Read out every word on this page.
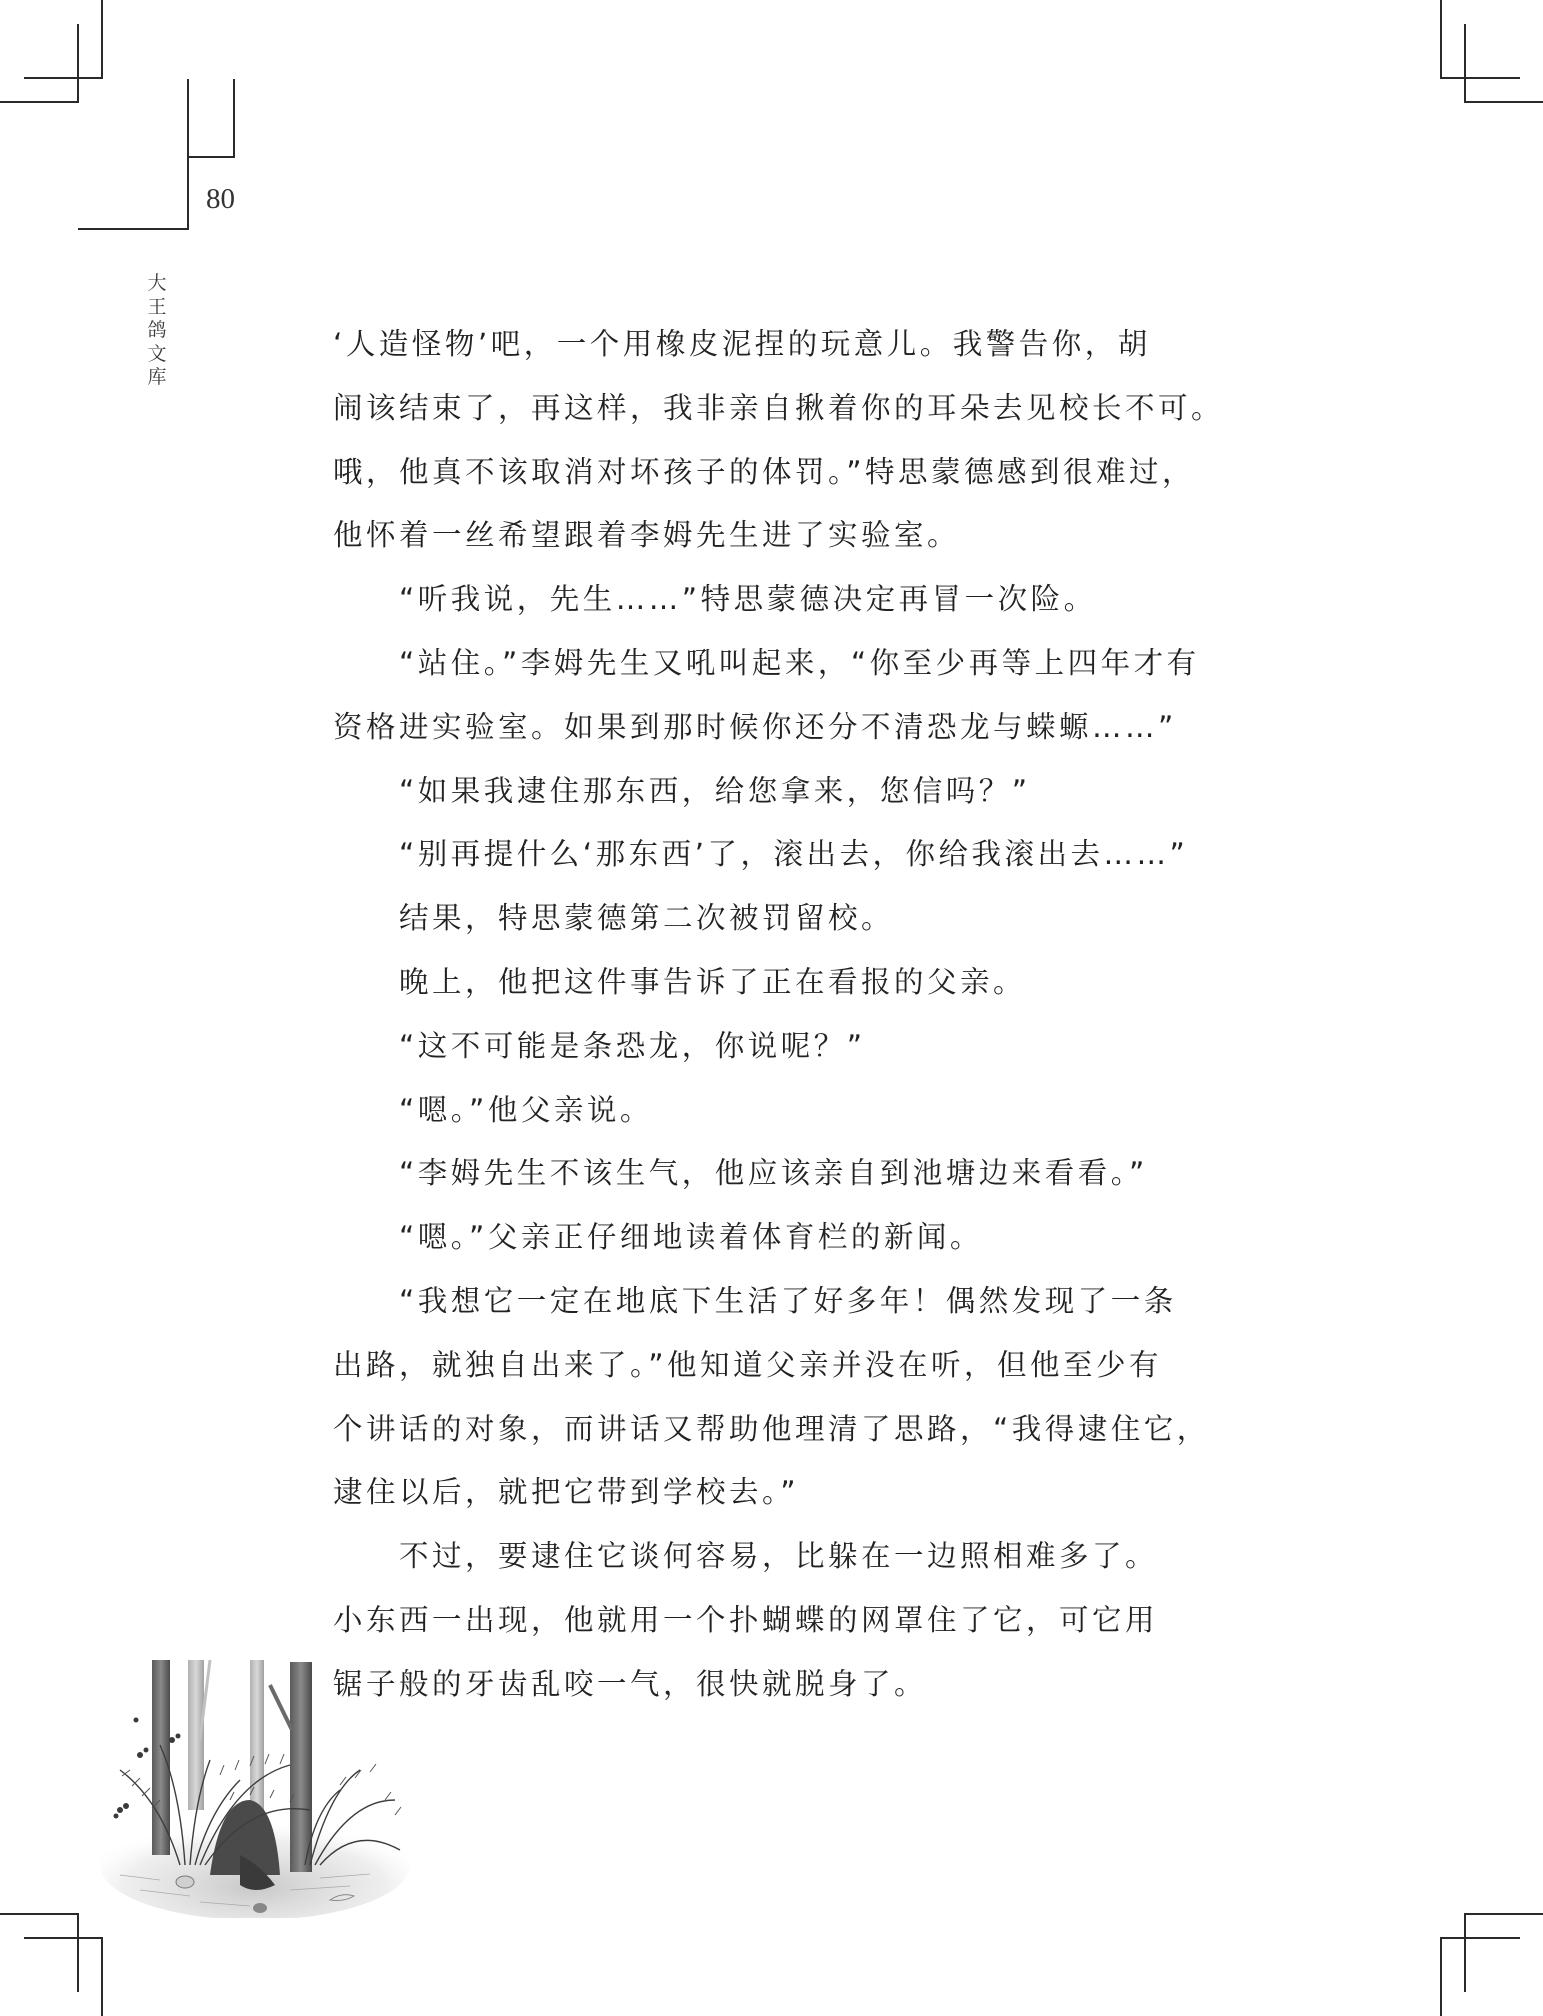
80
大
王
鸽
文
库
‘人造怪物’吧，一个用橡皮泥捏的玩意儿。我警告你，胡
闹该结束了，再这样，我非亲自揪着你的耳朵去见校长不可。
哦，他真不该取消对坏孩子的体罚。”特思蒙德感到很难过，
他怀着一丝希望跟着李姆先生进了实验室。
“听我说，先生……”特思蒙德决定再冒一次险。
“站住。”李姆先生又吼叫起来，“你至少再等上四年才有
资格进实验室。如果到那时候你还分不清恐龙与蝾螈……”
“如果我逮住那东西，给您拿来，您信吗？”
“别再提什么‘那东西’了，滚出去，你给我滚出去……”
结果，特思蒙德第二次被罚留校。
晚上，他把这件事告诉了正在看报的父亲。
“这不可能是条恐龙，你说呢？”
“嗯。”他父亲说。
“李姆先生不该生气，他应该亲自到池塘边来看看。”
“嗯。”父亲正仔细地读着体育栏的新闻。
“我想它一定在地底下生活了好多年！偶然发现了一条
出路，就独自出来了。”他知道父亲并没在听，但他至少有
个讲话的对象，而讲话又帮助他理清了思路，“我得逮住它，
逮住以后，就把它带到学校去。”
不过，要逮住它谈何容易，比躲在一边照相难多了。
小东西一出现，他就用一个扑蝴蝶的网罩住了它，可它用
锯子般的牙齿乱咬一气，很快就脱身了。
